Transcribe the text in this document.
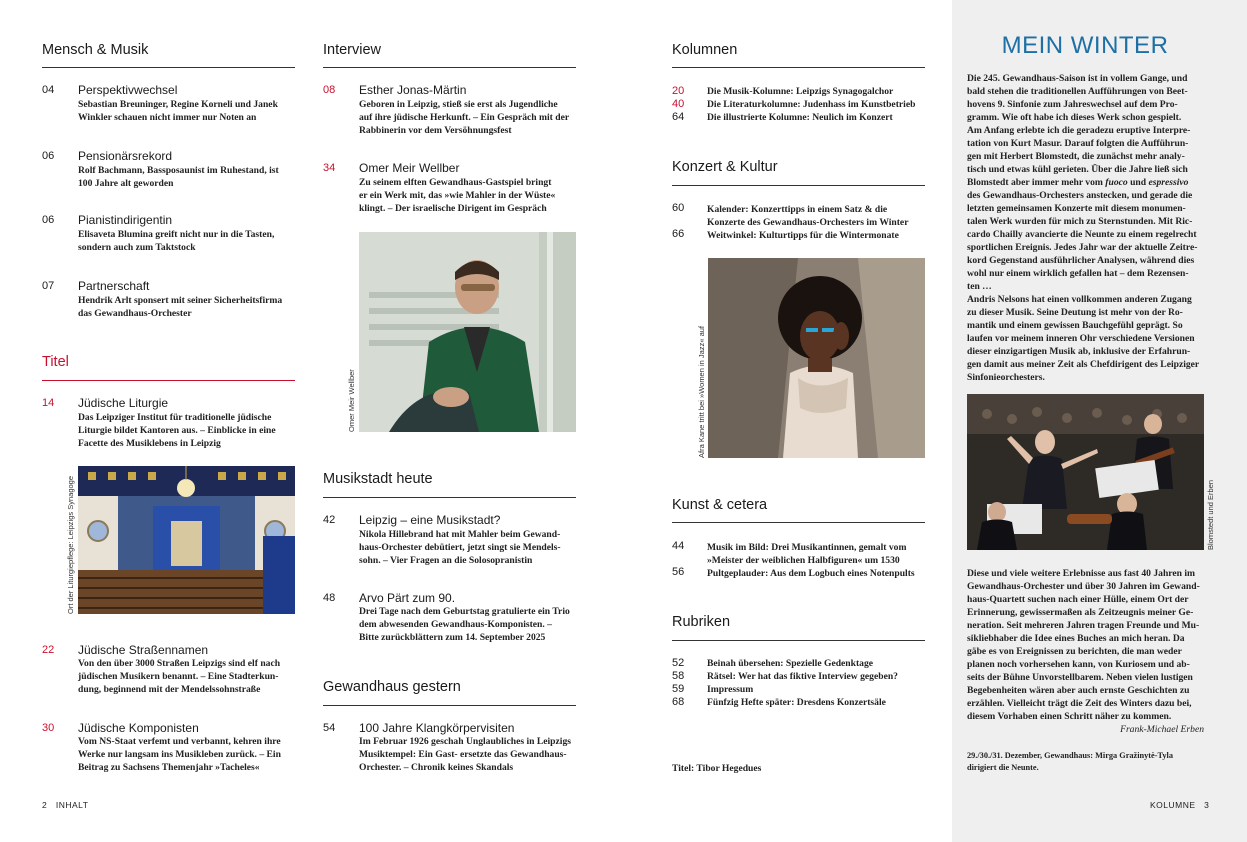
Mensch & Musik
04 Perspektivwechsel
Sebastian Breuninger, Regine Korneli und Janek
Winkler schauen nicht immer nur Noten an
06 Pensionärsrekord
Rolf Bachmann, Bassposaunist im Ruhestand, ist
100 Jahre alt geworden
06 Pianistindirigentin
Elisaveta Blumina greift nicht nur in die Tasten,
sondern auch zum Taktstock
07 Partnerschaft
Hendrik Arlt sponsert mit seiner Sicherheitsfirma
das Gewandhaus-Orchester
Titel
14 Jüdische Liturgie
Das Leipziger Institut für traditionelle jüdische
Liturgie bildet Kantoren aus. – Einblicke in eine
Facette des Musiklebens in Leipzig
Ort der Liturgiepflege: Leipzigs Synagoge
22 Jüdische Straßennamen
Von den über 3000 Straßen Leipzigs sind elf nach
jüdischen Musikern benannt. – Eine Stadterkun-
dung, beginnend mit der Mendelssohnstraße
30 Jüdische Komponisten
Vom NS-Staat verfemt und verbannt, kehren ihre
Werke nur langsam ins Musikleben zurück. – Ein
Beitrag zu Sachsens Themenjahr »Tacheles«
Interview
08 Esther Jonas-Märtin
Geboren in Leipzig, stieß sie erst als Jugendliche
auf ihre jüdische Herkunft. – Ein Gespräch mit der
Rabbinerin vor dem Versöhnungsfest
34 Omer Meir Wellber
Zu seinem elften Gewandhaus-Gastspiel bringt
er ein Werk mit, das »wie Mahler in der Wüste«
klingt. – Der israelische Dirigent im Gespräch
Omer Meir Wellber
Musikstadt heute
42 Leipzig – eine Musikstadt?
Nikola Hillebrand hat mit Mahler beim Gewand-
haus-Orchester debütiert, jetzt singt sie Mendels-
sohn. – Vier Fragen an die Solosopranistin
48 Arvo Pärt zum 90.
Drei Tage nach dem Geburtstag gratulierte ein Trio
dem abwesenden Gewandhaus-Komponisten. –
Bitte zurückblättern zum 14. September 2025
Gewandhaus gestern
54 100 Jahre Klangkörpervisiten
Im Februar 1926 geschah Unglaubliches in Leipzigs
Musiktempel: Ein Gast- ersetzte das Gewandhaus-
Orchester. – Chronik keines Skandals
Kolumnen
20 Die Musik-Kolumne: Leipzigs Synagogalchor
40 Die Literaturkolumne: Judenhass im Kunstbetrieb
64 Die illustrierte Kolumne: Neulich im Konzert
Konzert & Kultur
60 Kalender: Konzerttipps in einem Satz & die
Konzerte des Gewandhaus-Orchesters im Winter
66 Weitwinkel: Kulturtipps für die Wintermonate
Afra Kane tritt bei »Women in Jazz« auf
Kunst & cetera
44 Musik im Bild: Drei Musikantinnen, gemalt vom
»Meister der weiblichen Halbfiguren« um 1530
56 Pultgeplauder: Aus dem Logbuch eines Notenpults
Rubriken
52 Beinah übersehen: Spezielle Gedenktage
58 Rätsel: Wer hat das fiktive Interview gegeben?
59 Impressum
68 Fünfzig Hefte später: Dresdens Konzertsäle
Titel: Tibor Hegedues
2 INHALT
MEIN WINTER
Die 245. Gewandhaus-Saison ist in vollem Gange, und
bald stehen die traditionellen Aufführungen von Beet-
hovens 9. Sinfonie zum Jahreswechsel auf dem Pro-
gramm. Wie oft habe ich dieses Werk schon gespielt.
Am Anfang erlebte ich die geradezu eruptive Interpre-
tation von Kurt Masur. Darauf folgten die Aufführun-
gen mit Herbert Blomstedt, die zunächst mehr analy-
tisch und etwas kühl gerieten. Über die Jahre ließ sich
Blomstedt aber immer mehr vom fuoco und espressivo
des Gewandhaus-Orchesters anstecken, und gerade die
letzten gemeinsamen Konzerte mit diesem monumen-
talen Werk wurden für mich zu Sternstunden. Mit Ric-
cardo Chailly avancierte die Neunte zu einem regelrecht
sportlichen Ereignis. Jedes Jahr war der aktuelle Zeitre-
kord Gegenstand ausführlicher Analysen, während dies
wohl nur einem wirklich gefallen hat – dem Rezensen-
ten …
Andris Nelsons hat einen vollkommen anderen Zugang
zu dieser Musik. Seine Deutung ist mehr von der Ro-
mantik und einem gewissen Bauchgefühl geprägt. So
laufen vor meinem inneren Ohr verschiedene Versionen
dieser einzigartigen Musik ab, inklusive der Erfahrun-
gen damit aus meiner Zeit als Chefdirigent des Leipziger
Sinfonieorchesters.
Blomstedt und Erben
Diese und viele weitere Erlebnisse aus fast 40 Jahren im
Gewandhaus-Orchester und über 30 Jahren im Gewand-
haus-Quartett suchen nach einer Hülle, einem Ort der
Erinnerung, gewissermaßen als Zeitzeugnis meiner Ge-
neration. Seit mehreren Jahren tragen Freunde und Mu-
sikliebhaber die Idee eines Buches an mich heran. Da
gäbe es von Ereignissen zu berichten, die man weder
planen noch vorhersehen kann, von Kuriosem und ab-
seits der Bühne Unvorstellbarem. Neben vielen lustigen
Begebenheiten wären aber auch ernste Geschichten zu
erzählen. Vielleicht trägt die Zeit des Winters dazu bei,
diesem Vorhaben einen Schritt näher zu kommen.
Frank-Michael Erben
29./30./31. Dezember, Gewandhaus: Mirga Gražinytė-Tyla
dirigiert die Neunte.
KOLUMNE 3
